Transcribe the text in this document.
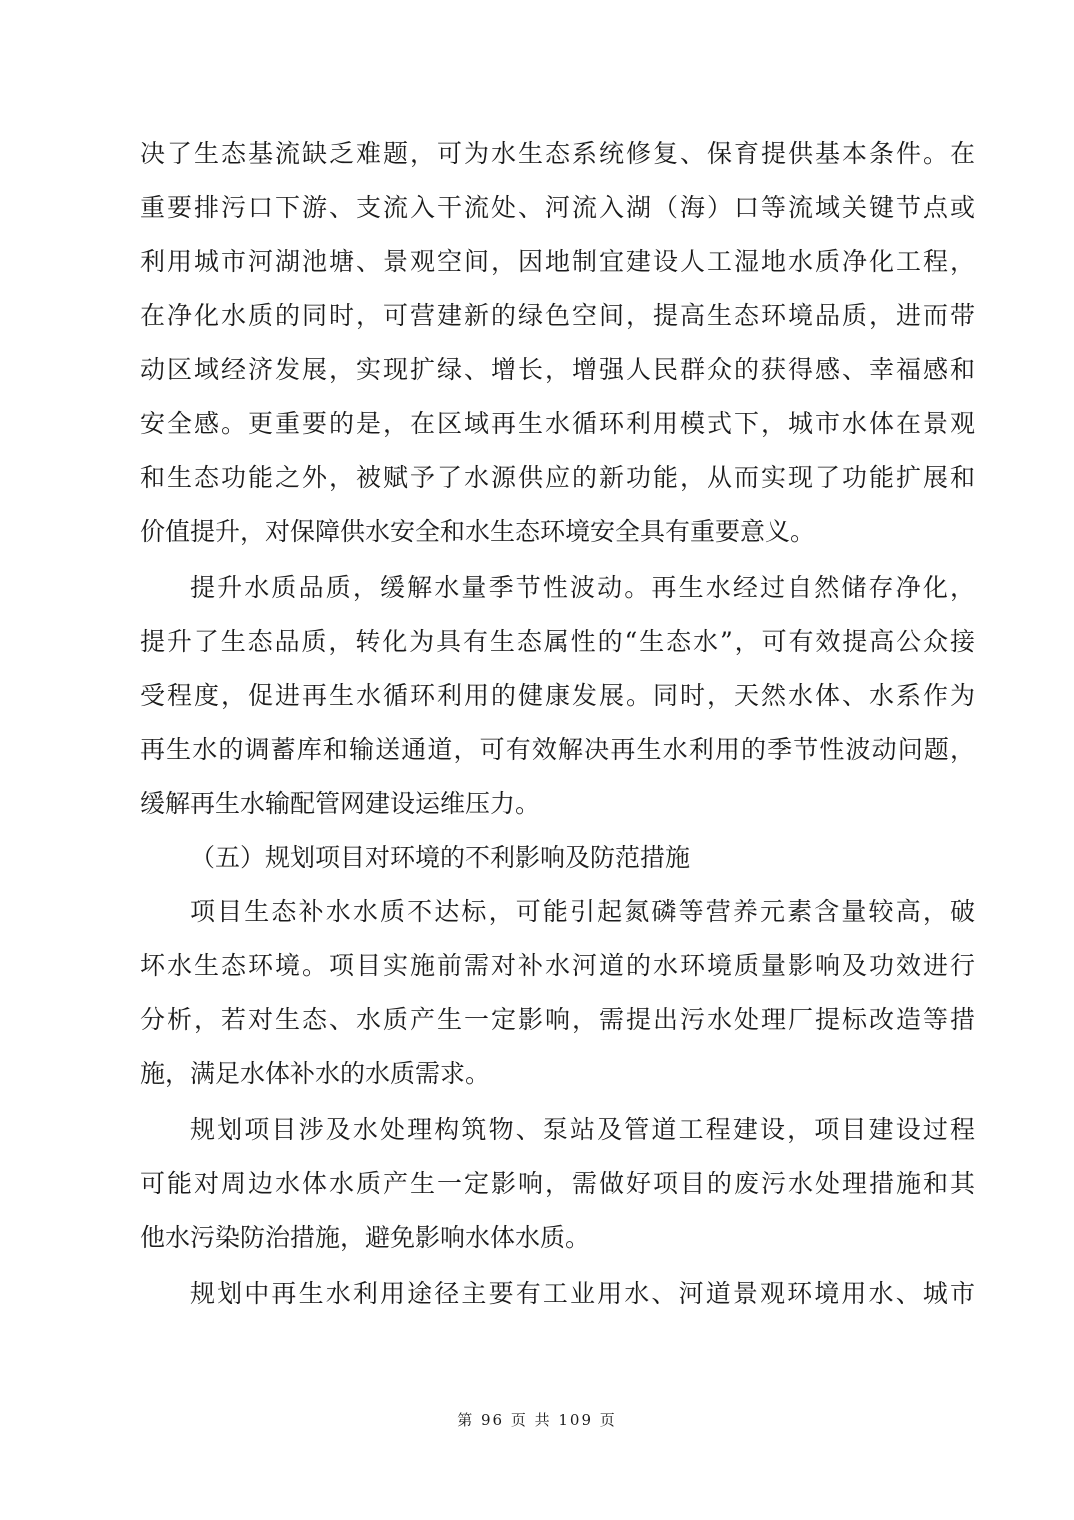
决了生态基流缺乏难题，可为水生态系统修复、保育提供基本条件。在
重要排污口下游、支流入干流处、河流入湖（海）口等流域关键节点或
利用城市河湖池塘、景观空间，因地制宜建设人工湿地水质净化工程，
在净化水质的同时，可营建新的绿色空间，提高生态环境品质，进而带
动区域经济发展，实现扩绿、增长，增强人民群众的获得感、幸福感和
安全感。更重要的是，在区域再生水循环利用模式下，城市水体在景观
和生态功能之外，被赋予了水源供应的新功能，从而实现了功能扩展和
价值提升，对保障供水安全和水生态环境安全具有重要意义。
提升水质品质，缓解水量季节性波动。再生水经过自然储存净化，
提升了生态品质，转化为具有生态属性的“生态水”，可有效提高公众接
受程度，促进再生水循环利用的健康发展。同时，天然水体、水系作为
再生水的调蓄库和输送通道，可有效解决再生水利用的季节性波动问题，
缓解再生水输配管网建设运维压力。
（五）规划项目对环境的不利影响及防范措施
项目生态补水水质不达标，可能引起氮磷等营养元素含量较高，破
坏水生态环境。项目实施前需对补水河道的水环境质量影响及功效进行
分析，若对生态、水质产生一定影响，需提出污水处理厂提标改造等措
施，满足水体补水的水质需求。
规划项目涉及水处理构筑物、泵站及管道工程建设，项目建设过程
可能对周边水体水质产生一定影响，需做好项目的废污水处理措施和其
他水污染防治措施，避免影响水体水质。
规划中再生水利用途径主要有工业用水、河道景观环境用水、城市
第 96 页 共 109 页
